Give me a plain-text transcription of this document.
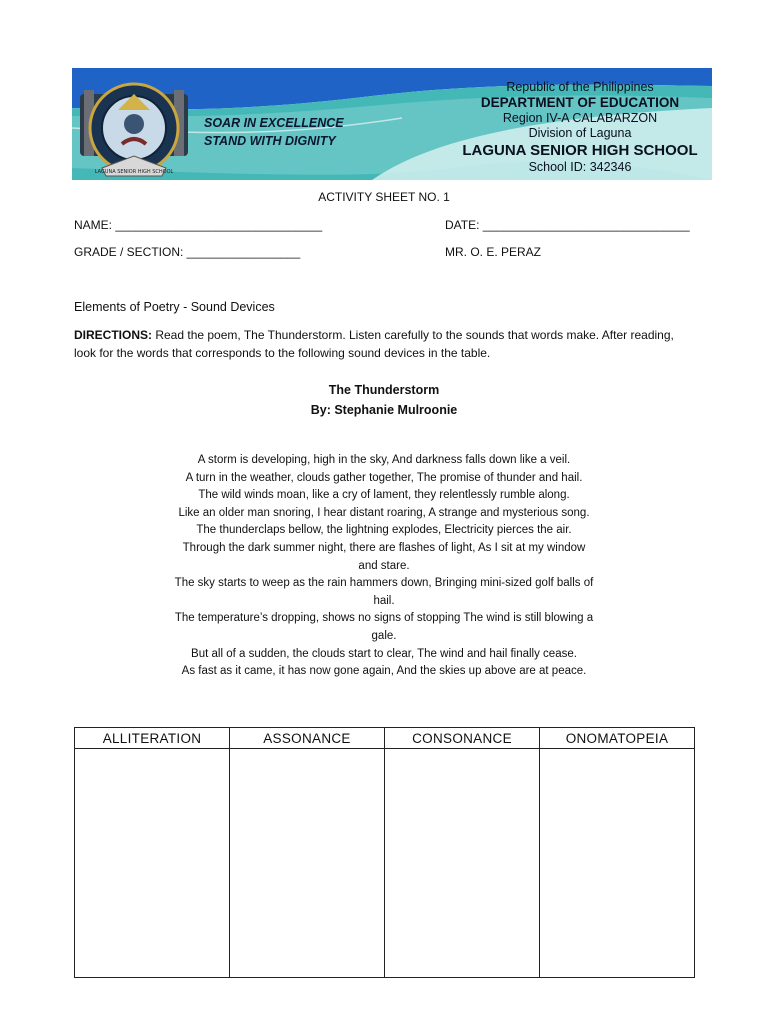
LAGUNA SENIOR HIGH SCHOOL
SOAR IN EXCELLENCE
STAND WITH DIGNITY
Republic of the Philippines
DEPARTMENT OF EDUCATION
Region IV-A CALABARZON
Division of Laguna
LAGUNA SENIOR HIGH SCHOOL
School ID: 342346
ACTIVITY SHEET NO. 1
NAME: _______________________________	DATE: _______________________________
GRADE / SECTION: _________________	MR. O. E. PERAZ
Elements of Poetry - Sound Devices
DIRECTIONS: Read the poem, The Thunderstorm. Listen carefully to the sounds that words make. After reading, look for the words that corresponds to the following sound devices in the table.
The Thunderstorm
By: Stephanie Mulroonie
A storm is developing, high in the sky, And darkness falls down like a veil.
A turn in the weather, clouds gather together, The promise of thunder and hail.
The wild winds moan, like a cry of lament, they relentlessly rumble along.
Like an older man snoring, I hear distant roaring, A strange and mysterious song.
The thunderclaps bellow, the lightning explodes, Electricity pierces the air.
Through the dark summer night, there are flashes of light, As I sit at my window and stare.
The sky starts to weep as the rain hammers down, Bringing mini-sized golf balls of hail.
The temperature’s dropping, shows no signs of stopping The wind is still blowing a gale.
But all of a sudden, the clouds start to clear, The wind and hail finally cease.
As fast as it came, it has now gone again, And the skies up above are at peace.
ALLITERATION	ASSONANCE	CONSONANCE	ONOMATOPEIA
